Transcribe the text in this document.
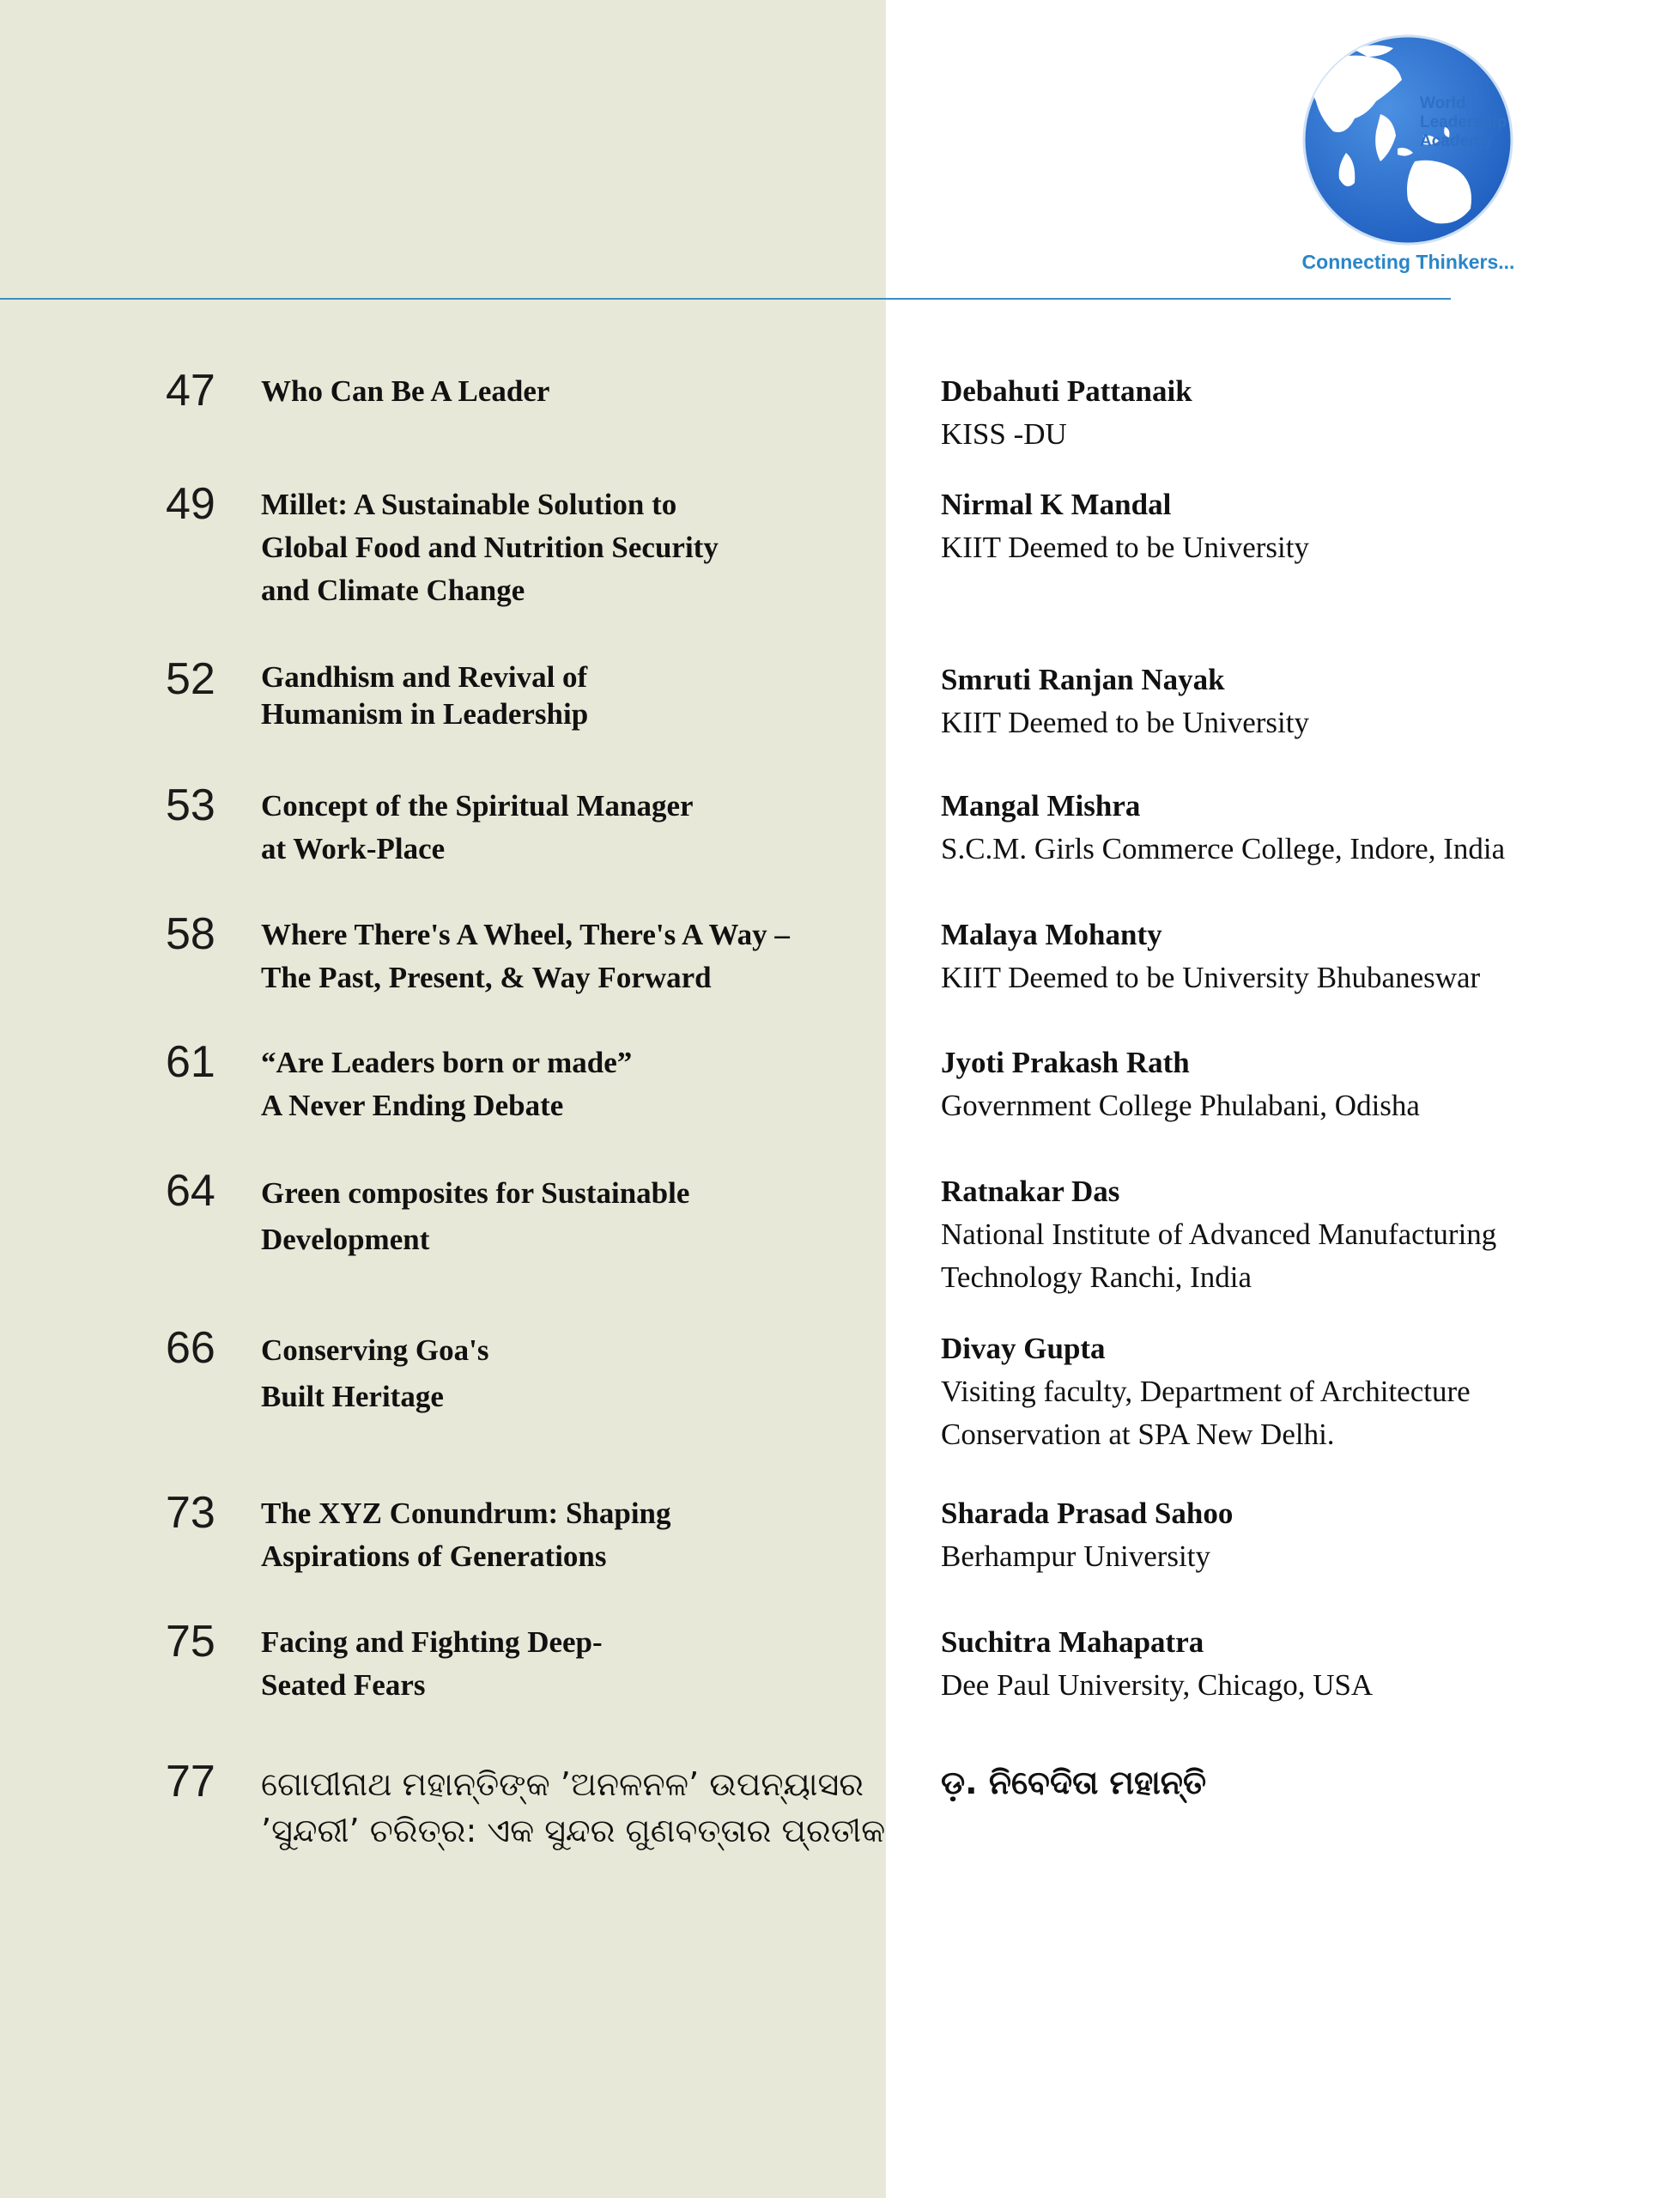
World
Leadership
Academy
Connecting Thinkers...
47 Who Can Be A Leader	Debahuti Pattanaik
KISS -DU
49 Millet: A Sustainable Solution to
Global Food and Nutrition Security
and Climate Change
Nirmal K Mandal
KIIT Deemed to be University
52 Gandhism and Revival of
Humanism in Leadership
Smruti Ranjan Nayak
KIIT Deemed to be University
53 Concept of the Spiritual Manager
at Work-Place
Mangal Mishra
S.C.M. Girls Commerce College, Indore, India
58 Where There's A Wheel, There's A Way –
The Past, Present, & Way Forward
Malaya Mohanty
KIIT Deemed to be University Bhubaneswar
61 “Are Leaders born or made”
A Never Ending Debate
Jyoti Prakash Rath
Government College Phulabani, Odisha
64 Green composites for Sustainable
Development
Ratnakar Das
National Institute of Advanced Manufacturing
Technology Ranchi, India
66 Conserving Goa's
Built Heritage
Divay Gupta
Visiting faculty, Department of Architecture
Conservation at SPA New Delhi.
73 The XYZ Conundrum: Shaping
Aspirations of Generations
Sharada Prasad Sahoo
Berhampur University
75 Facing and Fighting Deep-
Seated Fears
Suchitra Mahapatra
Dee Paul University, Chicago, USA
77 ଗୋପୀନାଥ ମହାନ୍ତିଙ୍କ ’ଅନଳନଳ’ ଉପନ୍ୟାସର
’ସୁନ୍ଦରୀ’ ଚରିତ୍ର: ଏକ ସୁନ୍ଦର ଗୁଣବତ୍ତାର ପ୍ରତୀକ
ଡ଼. ନିବେଦିତା ମହାନ୍ତି
